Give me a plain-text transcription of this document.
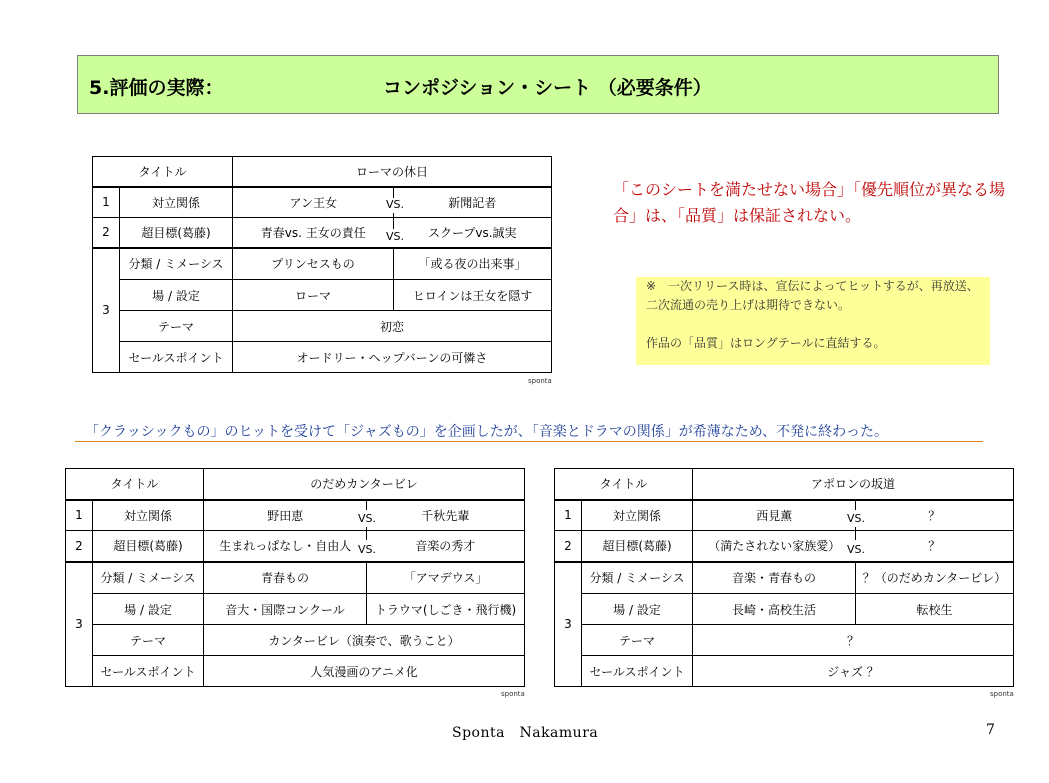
5.評価の実際：	コンポジション・シート （必要条件）
タイトル		ローマの休日	
1	対立関係	アン王女	新聞記者
2	超目標(葛藤)	青春vs. 王女の責任	スクープvs.誠実
3	分類 / ミメーシス	プリンセスもの	「或る夜の出来事」
	場 / 設定	ローマ	ヒロインは王女を隠す
	テーマ	初恋	
	セールスポイント	オードリー・ヘップバーンの可憐さ	
VS.
VS.
sponta
「このシートを満たせない場合」「優先順位が異なる場合」は、「品質」は保証されない。

※　一次リリース時は、宣伝によってヒットするが、再放送、二次流通の売り上げは期待できない。

作品の「品質」はロングテールに直結する。

「クラッシックもの」のヒットを受けて「ジャズもの」を企画したが、「音楽とドラマの関係」が希薄なため、不発に終わった。
タイトル		のだめカンタービレ	
1	対立関係	野田恵	千秋先輩
2	超目標(葛藤)	生まれっぱなし・自由人	音楽の秀才
3	分類 / ミメーシス	青春もの	「アマデウス」
	場 / 設定	音大・国際コンクール	トラウマ(しごき・飛行機)
	テーマ	カンタービレ（演奏で、歌うこと）	
	セールスポイント	人気漫画のアニメ化	
VS.
VS.
sponta
タイトル		アポロンの坂道	
1	対立関係	西見薫	？
2	超目標(葛藤)	（満たされない家族愛）	？
3	分類 / ミメーシス	音楽・青春もの	？（のだめカンタービレ）
	場 / 設定	長崎・高校生活	転校生
	テーマ	？	
	セールスポイント	ジャズ ？	
VS.
VS.
sponta
Sponta　Nakamura	7
